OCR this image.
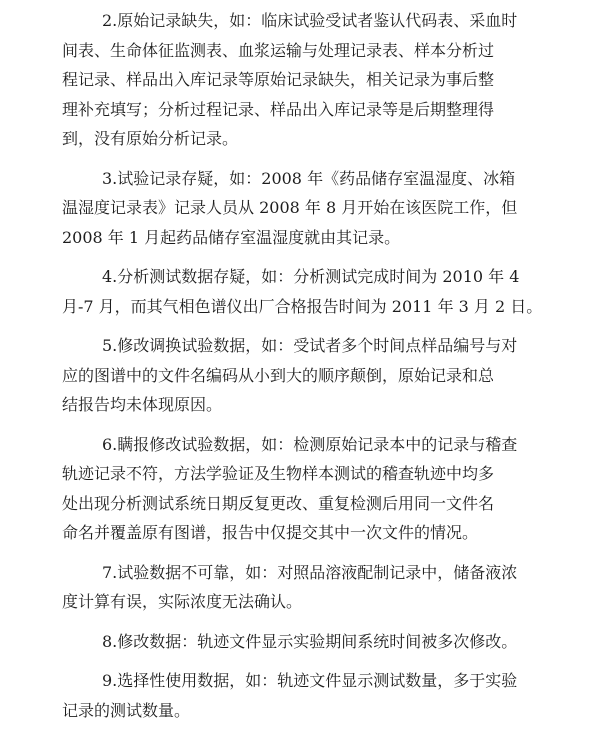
2.原始记录缺失，如：临床试验受试者鉴认代码表、采血时
间表、生命体征监测表、血浆运输与处理记录表、样本分析过
程记录、样品出入库记录等原始记录缺失，相关记录为事后整
理补充填写；分析过程记录、样品出入库记录等是后期整理得
到，没有原始分析记录。
3.试验记录存疑，如：2008 年《药品储存室温湿度、冰箱
温湿度记录表》记录人员从 2008 年 8 月开始在该医院工作，但
2008 年 1 月起药品储存室温湿度就由其记录。
4.分析测试数据存疑，如：分析测试完成时间为 2010 年 4
月-7 月，而其气相色谱仪出厂合格报告时间为 2011 年 3 月 2 日。
5.修改调换试验数据，如：受试者多个时间点样品编号与对
应的图谱中的文件名编码从小到大的顺序颠倒，原始记录和总
结报告均未体现原因。
6.瞒报修改试验数据，如：检测原始记录本中的记录与稽查
轨迹记录不符，方法学验证及生物样本测试的稽查轨迹中均多
处出现分析测试系统日期反复更改、重复检测后用同一文件名
命名并覆盖原有图谱，报告中仅提交其中一次文件的情况。
7.试验数据不可靠，如：对照品溶液配制记录中，储备液浓
度计算有误，实际浓度无法确认。
8.修改数据：轨迹文件显示实验期间系统时间被多次修改。
9.选择性使用数据，如：轨迹文件显示测试数量，多于实验
记录的测试数量。
